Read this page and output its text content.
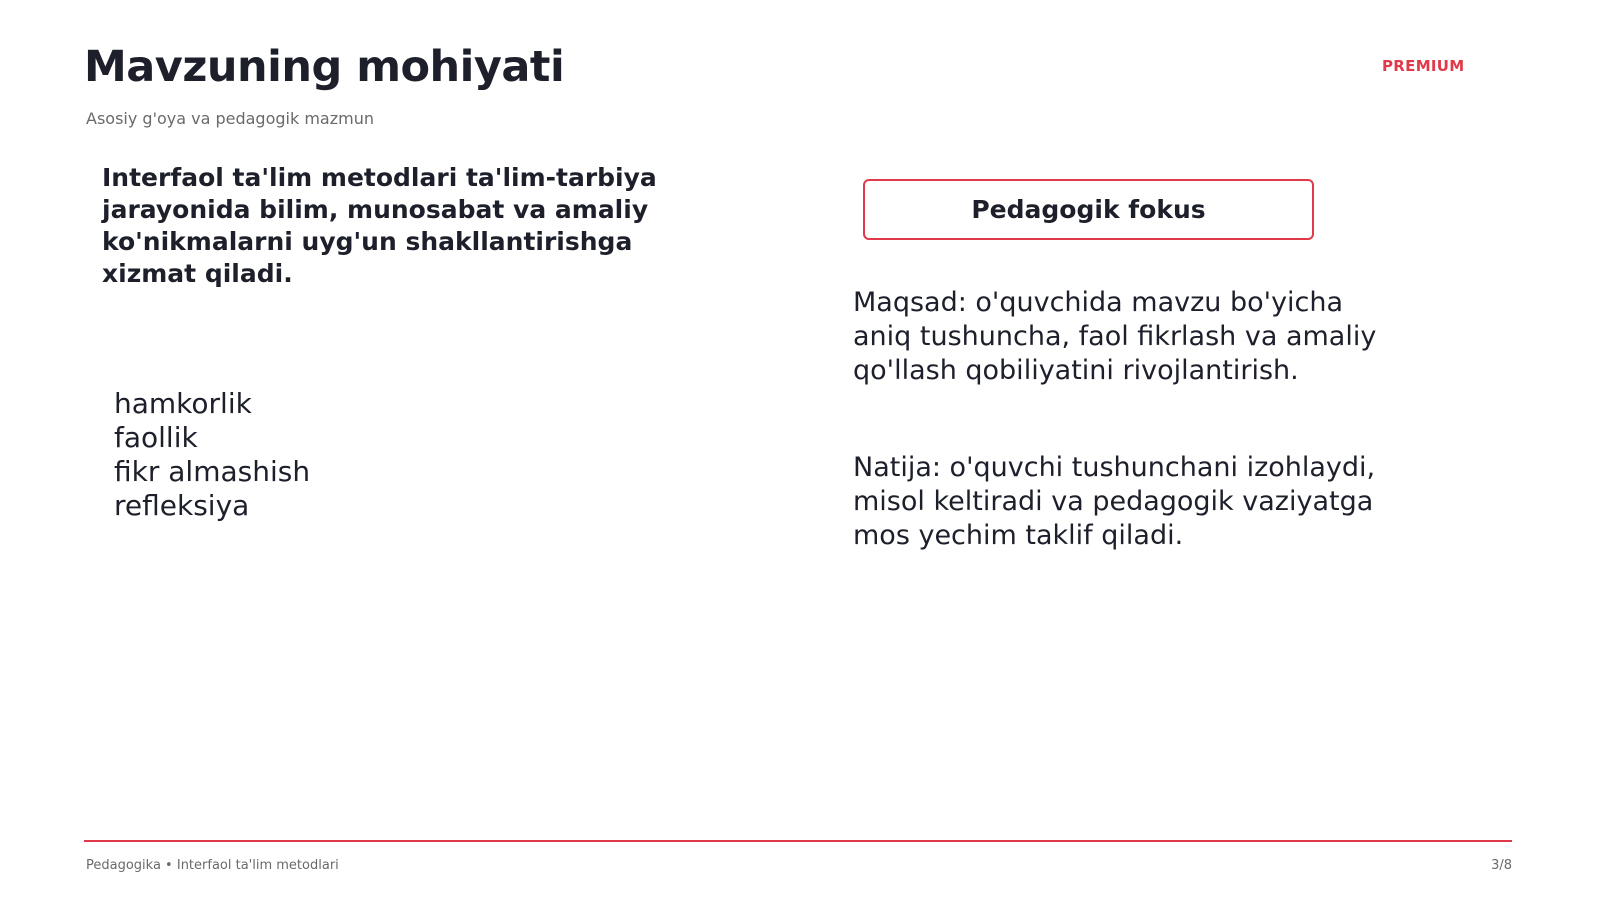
Mavzuning mohiyati
Asosiy g'oya va pedagogik mazmun
PREMIUM

Interfaol ta'lim metodlari ta'lim-tarbiya jarayonida bilim, munosabat va amaliy ko'nikmalarni uyg'un shakllantirishga xizmat qiladi.

hamkorlik
faollik
fikr almashish
refleksiya
Pedagogik fokus

Maqsad: o'quvchida mavzu bo'yicha aniq tushuncha, faol fikrlash va amaliy qo'llash qobiliyatini rivojlantirish.

Natija: o'quvchi tushunchani izohlaydi, misol keltiradi va pedagogik vaziyatga mos yechim taklif qiladi.

Pedagogika • Interfaol ta'lim metodlari	3/8
